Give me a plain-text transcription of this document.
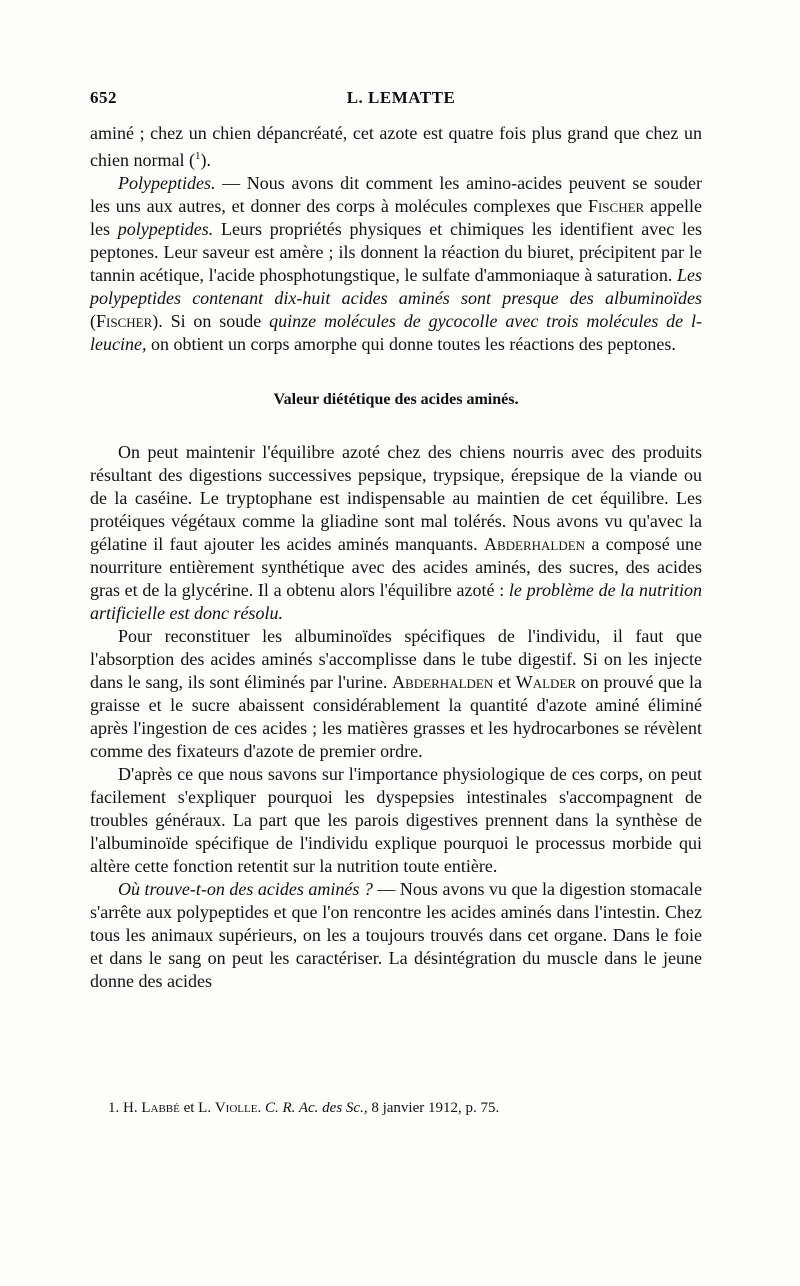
652	L. LEMATTE

aminé ; chez un chien dépancréaté, cet azote est quatre fois plus grand que chez un chien normal ($^1$).

Polypeptides. — Nous avons dit comment les amino-acides peuvent se souder les uns aux autres, et donner des corps à molécules complexes que Fischer appelle les polypeptides. Leurs propriétés physiques et chimiques les identifient avec les peptones. Leur saveur est amère ; ils donnent la réaction du biuret, précipitent par le tannin acétique, l'acide phosphotungstique, le sulfate d'ammoniaque à saturation. Les polypeptides contenant dix-huit acides aminés sont presque des albuminoïdes (Fischer). Si on soude quinze molécules de gycocolle avec trois molécules de l-leucine, on obtient un corps amorphe qui donne toutes les réactions des peptones.

Valeur diététique des acides aminés.

On peut maintenir l'équilibre azoté chez des chiens nourris avec des produits résultant des digestions successives pepsique, trypsique, érepsique de la viande ou de la caséine. Le tryptophane est indispensable au maintien de cet équilibre. Les protéiques végétaux comme la gliadine sont mal tolérés. Nous avons vu qu'avec la gélatine il faut ajouter les acides aminés manquants. Abderhalden a composé une nourriture entièrement synthétique avec des acides aminés, des sucres, des acides gras et de la glycérine. Il a obtenu alors l'équilibre azoté : le problème de la nutrition artificielle est donc résolu.

Pour reconstituer les albuminoïdes spécifiques de l'individu, il faut que l'absorption des acides aminés s'accomplisse dans le tube digestif. Si on les injecte dans le sang, ils sont éliminés par l'urine. Abderhalden et Walder on prouvé que la graisse et le sucre abaissent considérablement la quantité d'azote aminé éliminé après l'ingestion de ces acides ; les matières grasses et les hydrocarbones se révèlent comme des fixateurs d'azote de premier ordre.

D'après ce que nous savons sur l'importance physiologique de ces corps, on peut facilement s'expliquer pourquoi les dyspepsies intestinales s'accompagnent de troubles généraux. La part que les parois digestives prennent dans la synthèse de l'albuminoïde spécifique de l'individu explique pourquoi le processus morbide qui altère cette fonction retentit sur la nutrition toute entière.

Où trouve-t-on des acides aminés ? — Nous avons vu que la digestion stomacale s'arrête aux polypeptides et que l'on rencontre les acides aminés dans l'intestin. Chez tous les animaux supérieurs, on les a toujours trouvés dans cet organe. Dans le foie et dans le sang on peut les caractériser. La désintégration du muscle dans le jeune donne des acides

1. H. Labbé et L. Violle. C. R. Ac. des Sc., 8 janvier 1912, p. 75.
